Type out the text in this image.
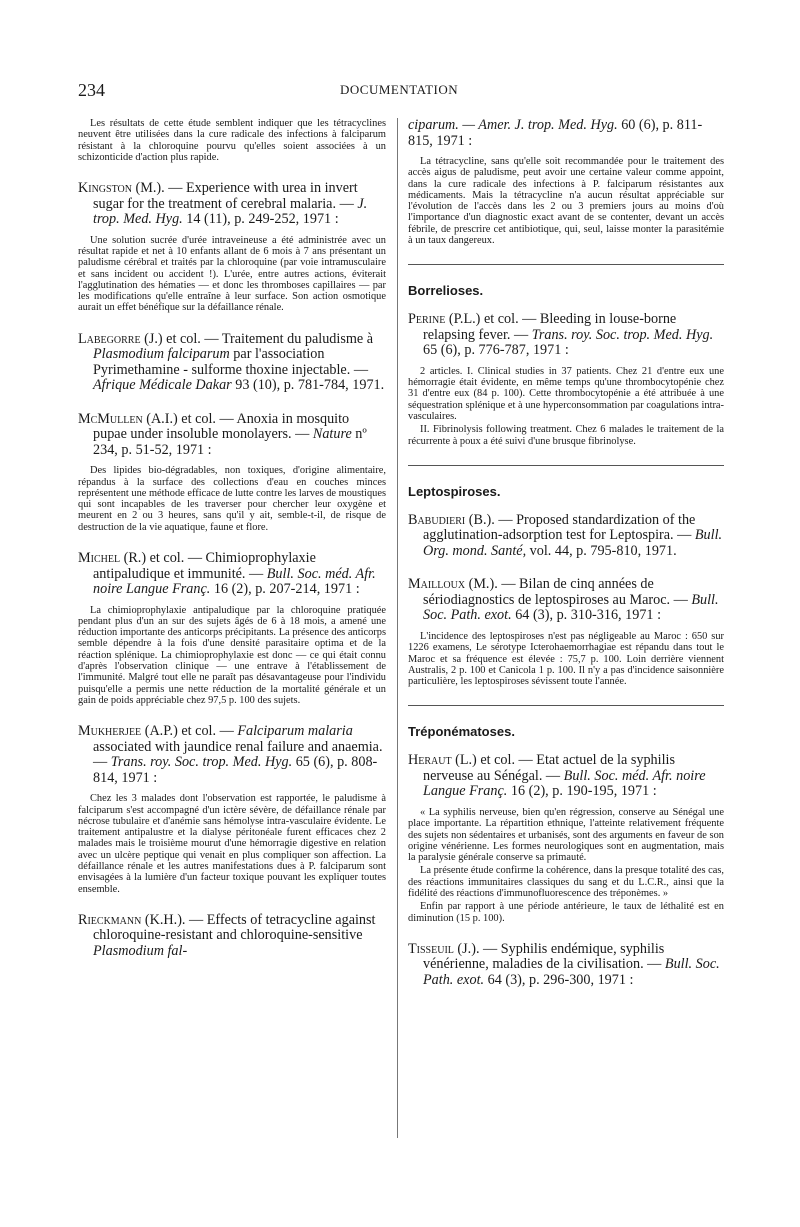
234	DOCUMENTATION

Les résultats de cette étude semblent indiquer que les tétracyclines neuvent être utilisées dans la cure radicale des infections à falciparum résistant à la chloroquine pourvu qu'elles soient associées à un schizonticide d'action plus rapide.

Kingston (M.). — Experience with urea in invert sugar for the treatment of cerebral malaria. — J. trop. Med. Hyg. 14 (11), p. 249-252, 1971 :

Une solution sucrée d'urée intraveineuse a été administrée avec un résultat rapide et net à 10 enfants allant de 6 mois à 7 ans présentant un paludisme cérébral et traités par la chloroquine (par voie intramusculaire et sans incident ou accident !). L'urée, entre autres actions, éviterait l'agglutination des hématies — et donc les thromboses capillaires — par les modifications qu'elle entraîne à leur surface. Son action osmotique aurait un effet bénéfique sur la défaillance rénale.

Labegorre (J.) et col. — Traitement du paludisme à Plasmodium falciparum par l'association Pyrimethamine - sulforme thoxine injectable. — Afrique Médicale Dakar 93 (10), p. 781-784, 1971.

McMullen (A.I.) et col. — Anoxia in mosquito pupae under insoluble monolayers. — Nature nº 234, p. 51-52, 1971 :

Des lipides bio-dégradables, non toxiques, d'origine alimentaire, répandus à la surface des collections d'eau en couches minces représentent une méthode efficace de lutte contre les larves de moustiques qui sont incapables de les traverser pour chercher leur oxygène et meurent en 2 ou 3 heures, sans qu'il y ait, semble-t-il, de risque de destruction de la vie aquatique, faune et flore.

Michel (R.) et col. — Chimioprophylaxie antipaludique et immunité. — Bull. Soc. méd. Afr. noire Langue Franç. 16 (2), p. 207-214, 1971 :

La chimioprophylaxie antipaludique par la chloroquine pratiquée pendant plus d'un an sur des sujets âgés de 6 à 18 mois, a amené une réduction importante des anticorps précipitants. La présence des anticorps semble dépendre à la fois d'une densité parasitaire optima et de la réaction splénique. La chimioprophylaxie est donc — ce qui était connu d'après l'observation clinique — une entrave à l'établissement de l'immunité. Malgré tout elle ne paraît pas désavantageuse pour l'individu puisqu'elle a permis une nette réduction de la mortalité générale et un gain de poids appréciable chez 97,5 p. 100 des sujets.

Mukherjee (A.P.) et col. — Falciparum malaria associated with jaundice renal failure and anaemia. — Trans. roy. Soc. trop. Med. Hyg. 65 (6), p. 808-814, 1971 :

Chez les 3 malades dont l'observation est rapportée, le paludisme à falciparum s'est accompagné d'un ictère sévère, de défaillance rénale par nécrose tubulaire et d'anémie sans hémolyse intra-vasculaire évidente. Le traitement antipalustre et la dialyse péritonéale furent efficaces chez 2 malades mais le troisième mourut d'une hémorragie digestive en relation avec un ulcère peptique qui venait en plus compliquer son affection. La défaillance rénale et les autres manifestations dues à P. falciparum sont envisagées à la lumière d'un facteur toxique pouvant les expliquer toutes ensemble.

Rieckmann (K.H.). — Effects of tetracycline against chloroquine-resistant and chloroquine-sensitive Plasmodium fal-

ciparum. — Amer. J. trop. Med. Hyg. 60 (6), p. 811-815, 1971 :

La tétracycline, sans qu'elle soit recommandée pour le traitement des accès aigus de paludisme, peut avoir une certaine valeur comme appoint, dans la cure radicale des infections à P. falciparum résistantes aux médicaments. Mais la tétracycline n'a aucun résultat appréciable sur l'évolution de l'accès dans les 2 ou 3 premiers jours au moins d'où l'importance d'un diagnostic exact avant de se contenter, devant un accès fébrile, de prescrire cet antibiotique, qui, seul, laisse monter la parasitémie à un taux dangereux.

Borrelioses.

Perine (P.L.) et col. — Bleeding in louse-borne relapsing fever. — Trans. roy. Soc. trop. Med. Hyg. 65 (6), p. 776-787, 1971 :

2 articles. I. Clinical studies in 37 patients. Chez 21 d'entre eux une hémorragie était évidente, en même temps qu'une thrombocytopénie chez 31 d'entre eux (84 p. 100). Cette thrombocytopénie a été attribuée à une séquestration splénique et à une hyperconsommation par coagulations intra-vasculaires.

II. Fibrinolysis following treatment. Chez 6 malades le traitement de la récurrente à poux a été suivi d'une brusque fibrinolyse.

Leptospiroses.

Babudieri (B.). — Proposed standardization of the agglutination-adsorption test for Leptospira. — Bull. Org. mond. Santé, vol. 44, p. 795-810, 1971.

Mailloux (M.). — Bilan de cinq années de sériodiagnostics de leptospiroses au Maroc. — Bull. Soc. Path. exot. 64 (3), p. 310-316, 1971 :

L'incidence des leptospiroses n'est pas négligeable au Maroc : 650 sur 1226 examens, Le sérotype Icterohaemorrhagiae est répandu dans tout le Maroc et sa fréquence est élevée : 75,7 p. 100. Loin derrière viennent Australis, 2 p. 100 et Canicola 1 p. 100. Il n'y a pas d'incidence saisonnière particulière, les leptospiroses sévissent toute l'année.

Tréponématoses.

Heraut (L.) et col. — Etat actuel de la syphilis nerveuse au Sénégal. — Bull. Soc. méd. Afr. noire Langue Franç. 16 (2), p. 190-195, 1971 :

« La syphilis nerveuse, bien qu'en régression, conserve au Sénégal une place importante. La répartition ethnique, l'atteinte relativement fréquente des sujets non sédentaires et urbanisés, sont des arguments en faveur de son origine vénérienne. Les formes neurologiques sont en augmentation, mais la paralysie générale conserve sa primauté.

La présente étude confirme la cohérence, dans la presque totalité des cas, des réactions immunitaires classiques du sang et du L.C.R., ainsi que la fidélité des réactions d'immunofluorescence des tréponèmes. »

Enfin par rapport à une période antérieure, le taux de léthalité est en diminution (15 p. 100).

Tisseuil (J.). — Syphilis endémique, syphilis vénérienne, maladies de la civilisation. — Bull. Soc. Path. exot. 64 (3), p. 296-300, 1971 :
